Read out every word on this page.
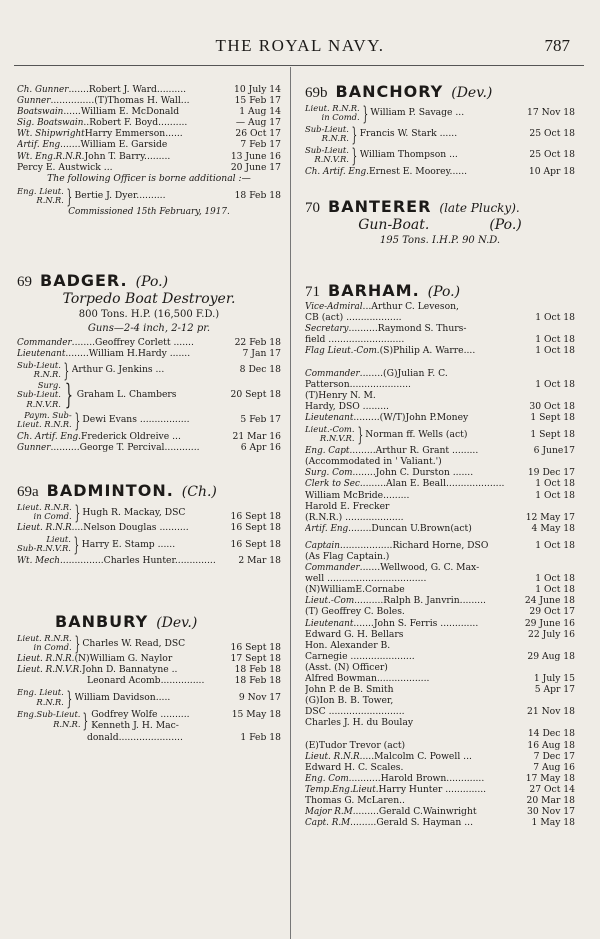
THE ROYAL NAVY.	787
Ch. Gunner .......Robert J. Ward..........	10 July 14
Gunner ...............(T)Thomas H. Wall...	15 Feb 17
Boatswain ......William E. McDonald	1 Aug 14
Sig. Boatswain ..Robert F. Boyd..........	— Aug 17
Wt. Shipwright Harry Emmerson......	26 Oct 17
Artif. Eng. ......William E. Garside	7 Feb 17
Wt. Eng.R.N.R. John T. Barry.........	13 June 16
Percy E. Austwick ...	20 June 17
The following Officer is borne additional :—
Eng. Lieut.
R.N.R. } Bertie J. Dyer..........	18 Feb 18
Commissioned 15th February, 1917.
69 BADGER. (Po.)
Torpedo Boat Destroyer.
800 Tons. H.P. (16,500 F.D.)
Guns—2-4 inch, 2-12 pr.
Commander ........Geoffrey Corlett .......	22 Feb 18
Lieutenant ........William H.Hardy .......	7 Jan 17
Sub-Lieut.
R.N.R. } Arthur G. Jenkins ...	8 Dec 18
Surg.
Sub-Lieut.
R.N.V.R. } Graham L. Chambers	20 Sept 18
Paym. Sub-
Lieut. R.N.R. } Dewi Evans .................	5 Feb 17
Ch. Artif. Eng. Frederick Oldreive ...	21 Mar 16
Gunner ..........George T. Percival............	6 Apr 16
69a BADMINTON. (Ch.)
Lieut. R.N.R.
in Comd. } Hugh R. Mackay, DSC	16 Sept 18
Lieut. R.N.R. ...Nelson Douglas ..........	16 Sept 18
Lieut.
Sub-R.N.V.R. } Harry E. Stamp ......	16 Sept 18
Wt. Mech. ..............Charles Hunter..............	2 Mar 18
BANBURY (Dev.)
Lieut. R.N.R.
in Comd. } Charles W. Read, DSC	16 Sept 18
Lieut. R.N.R. (N)William G. Naylor	17 Sept 18
Lieut. R.N.V.R. John D. Bannatyne ..	18 Feb 18
Leonard Acomb...............	18 Feb 18
Eng. Lieut.
R.N.R. } William Davidson.....	9 Nov 17
Eng.Sub-Lieut.
R.N.R. } Godfrey Wolfe ..........	15 May 18
Kenneth J. H. Mac-
donald......................	1 Feb 18
69b BANCHORY (Dev.)
Lieut. R.N.R.
in Comd. } William P. Savage ...	17 Nov 18
Sub-Lieut.
R.N.R. } Francis W. Stark ......	25 Oct 18
Sub-Lieut.
R.N.V.R. } William Thompson ...	25 Oct 18
Ch. Artif. Eng. Ernest E. Moorey......	10 Apr 18
70 BANTERER (late Plucky).
Gun-Boat.	(Po.)
195 Tons. I.H.P. 90 N.D.
71 BARHAM. (Po.)
Vice-Admiral ...Arthur C. Leveson,
CB (act) ...................	1 Oct 18
Secretary ..........Raymond S. Thurs-
field ..........................	1 Oct 18
Flag Lieut.-Com. (S)Philip A. Warre....	1 Oct 18
Commander ........(G)Julian F. C.
Patterson.....................	1 Oct 18
(T)Henry N. M.
Hardy, DSO .........	30 Oct 18
Lieutenant .........(W/T)John P.Money	1 Sept 18
Lieut.-Com.
R.N.V.R. } Norman ff. Wells (act)	1 Sept 18
Eng. Capt. ........Arthur R. Grant .........	6 June17
(Accommodated in ' Valiant.')
Surg. Com. .......John C. Durston .......	19 Dec 17
Clerk to Sec. ........Alan E. Beall....................	1 Oct 18
William McBride.........	1 Oct 18
Harold E. Frecker
(R.N.R.) ....................	12 May 17
Artif. Eng. .......Duncan U.Brown(act)	4 May 18
Captain ..................Richard Horne, DSO	1 Oct 18
(As Flag Captain.)
Commander .......Wellwood, G. C. Max-
well ..................................	1 Oct 18
(N)WilliamE.Cornabe	1 Oct 18
Lieut.-Com. .........Ralph B. Janvrin.........	24 June 18
(T) Geoffrey C. Boles.	29 Oct 17
Lieutenant .......John S. Ferris .............	29 June 16
Edward G. H. Bellars	22 July 16
Hon. Alexander B.
Carnegie ......................	29 Aug 18
(Asst. (N) Officer)
Alfred Bowman..................	1 July 15
John P. de B. Smith	5 Apr 17
(G)Ion B. B. Tower,
DSC ..........................	21 Nov 18
Charles J. H. du Boulay
14 Dec 18
(E)Tudor Trevor (act)	16 Aug 18
Lieut. R.N.R. ....Malcolm C. Powell ...	7 Dec 17
Edward H. C. Scales.	7 Aug 16
Eng. Com. ..........Harold Brown.............	17 May 18
Temp.Eng.Lieut. Harry Hunter ..............	27 Oct 14
Thomas G. McLaren..	20 Mar 18
Major R.M. ........Gerald C.Wainwright	30 Nov 17
Capt. R.M. ........Gerald S. Hayman ...	1 May 18
